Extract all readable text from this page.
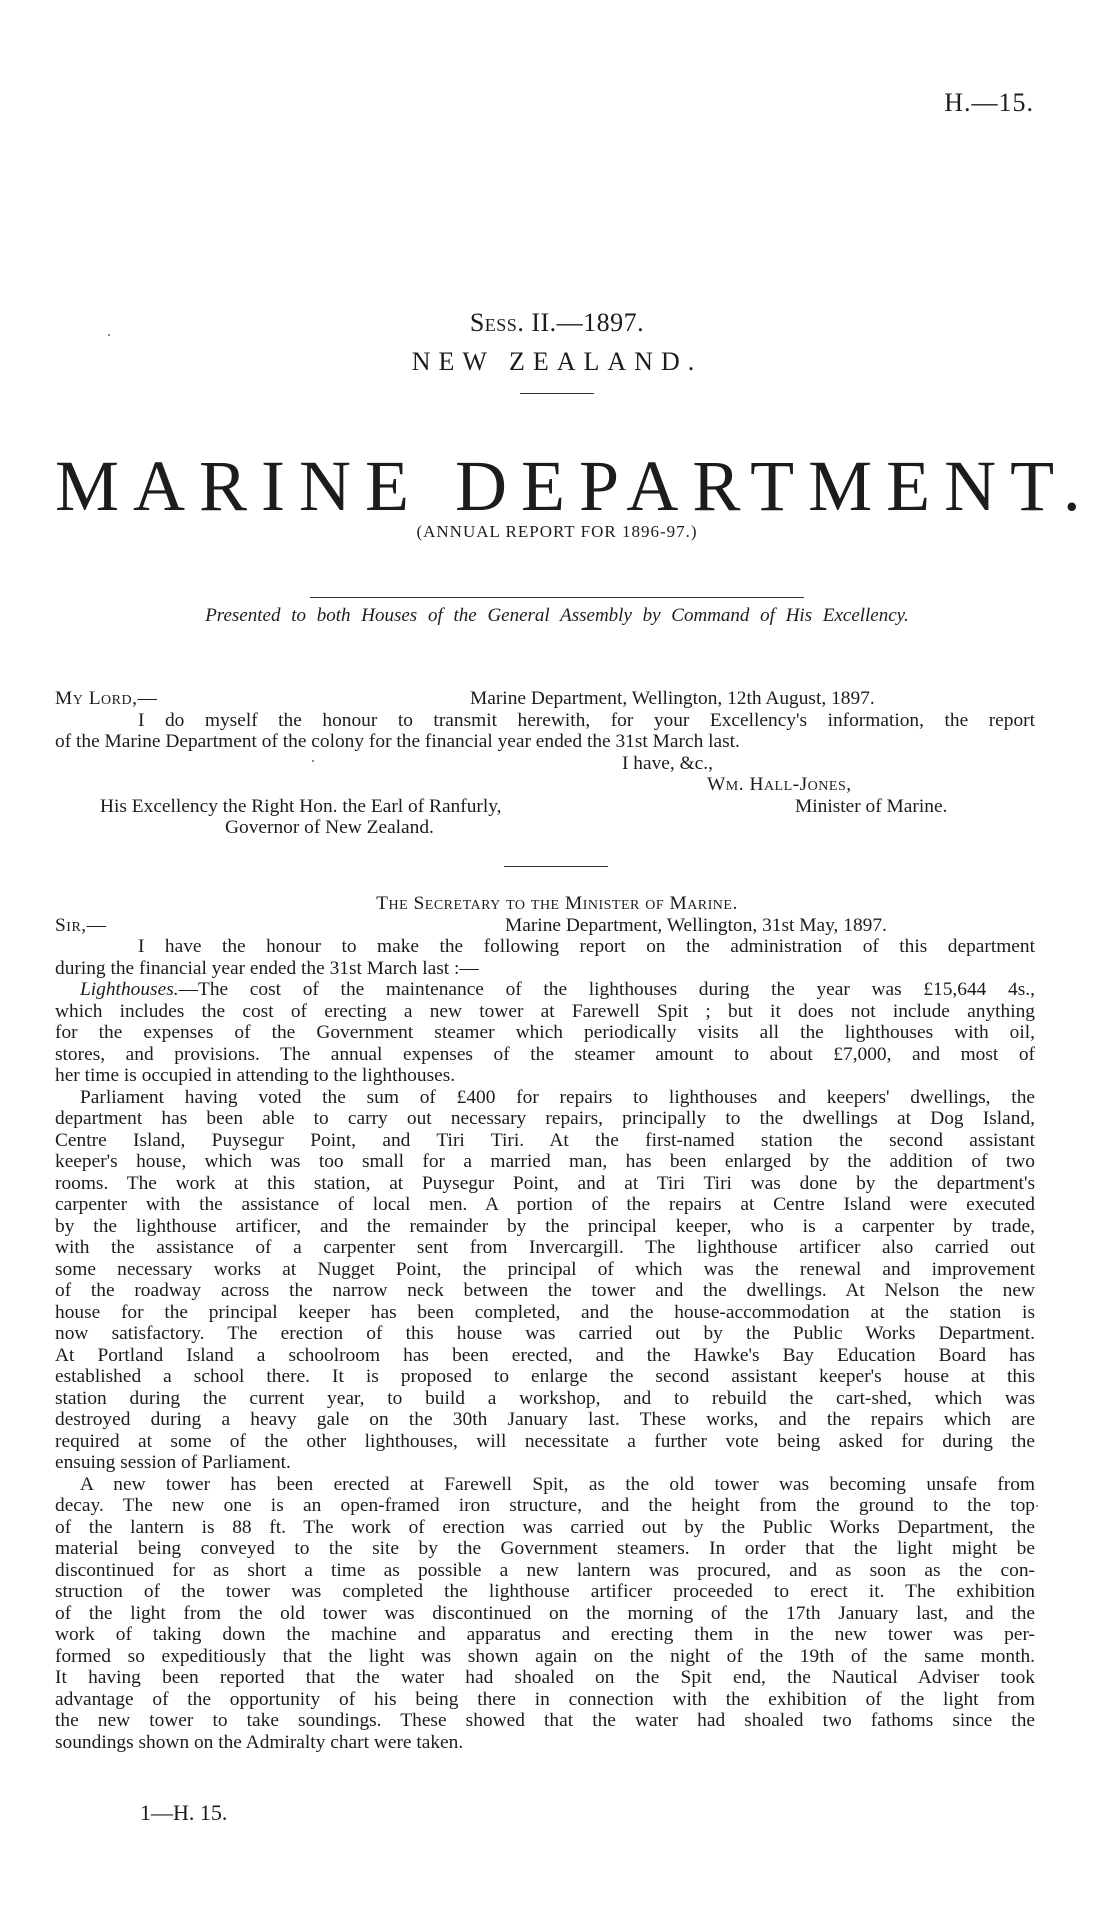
H.—15.
Sess. II.—1897.
NEW ZEALAND.
MARINE DEPARTMENT.
(ANNUAL REPORT FOR 1896-97.)
Presented to both Houses of the General Assembly by Command of His Excellency.
My Lord,—	Marine Department, Wellington, 12th August, 1897.
I do myself the honour to transmit herewith, for your Excellency's information, the report
of the Marine Department of the colony for the financial year ended the 31st March last.
I have, &c.,
Wm. Hall-Jones,
His Excellency the Right Hon. the Earl of Ranfurly,	Minister of Marine.
Governor of New Zealand.
The Secretary to the Minister of Marine.
Sir,—	Marine Department, Wellington, 31st May, 1897.
I have the honour to make the following report on the administration of this department
during the financial year ended the 31st March last :—
Lighthouses.—The cost of the maintenance of the lighthouses during the year was £15,644 4s.,
which includes the cost of erecting a new tower at Farewell Spit ; but it does not include anything
for the expenses of the Government steamer which periodically visits all the lighthouses with oil,
stores, and provisions. The annual expenses of the steamer amount to about £7,000, and most of
her time is occupied in attending to the lighthouses.
Parliament having voted the sum of £400 for repairs to lighthouses and keepers' dwellings, the
department has been able to carry out necessary repairs, principally to the dwellings at Dog Island,
Centre Island, Puysegur Point, and Tiri Tiri. At the first-named station the second assistant
keeper's house, which was too small for a married man, has been enlarged by the addition of two
rooms. The work at this station, at Puysegur Point, and at Tiri Tiri was done by the department's
carpenter with the assistance of local men. A portion of the repairs at Centre Island were executed
by the lighthouse artificer, and the remainder by the principal keeper, who is a carpenter by trade,
with the assistance of a carpenter sent from Invercargill. The lighthouse artificer also carried out
some necessary works at Nugget Point, the principal of which was the renewal and improvement
of the roadway across the narrow neck between the tower and the dwellings. At Nelson the new
house for the principal keeper has been completed, and the house-accommodation at the station is
now satisfactory. The erection of this house was carried out by the Public Works Department.
At Portland Island a schoolroom has been erected, and the Hawke's Bay Education Board has
established a school there. It is proposed to enlarge the second assistant keeper's house at this
station during the current year, to build a workshop, and to rebuild the cart-shed, which was
destroyed during a heavy gale on the 30th January last. These works, and the repairs which are
required at some of the other lighthouses, will necessitate a further vote being asked for during the
ensuing session of Parliament.
A new tower has been erected at Farewell Spit, as the old tower was becoming unsafe from
decay. The new one is an open-framed iron structure, and the height from the ground to the top
of the lantern is 88 ft. The work of erection was carried out by the Public Works Department, the
material being conveyed to the site by the Government steamers. In order that the light might be
discontinued for as short a time as possible a new lantern was procured, and as soon as the con-
struction of the tower was completed the lighthouse artificer proceeded to erect it. The exhibition
of the light from the old tower was discontinued on the morning of the 17th January last, and the
work of taking down the machine and apparatus and erecting them in the new tower was per-
formed so expeditiously that the light was shown again on the night of the 19th of the same month.
It having been reported that the water had shoaled on the Spit end, the Nautical Adviser took
advantage of the opportunity of his being there in connection with the exhibition of the light from
the new tower to take soundings. These showed that the water had shoaled two fathoms since the
soundings shown on the Admiralty chart were taken.
1—H. 15.
